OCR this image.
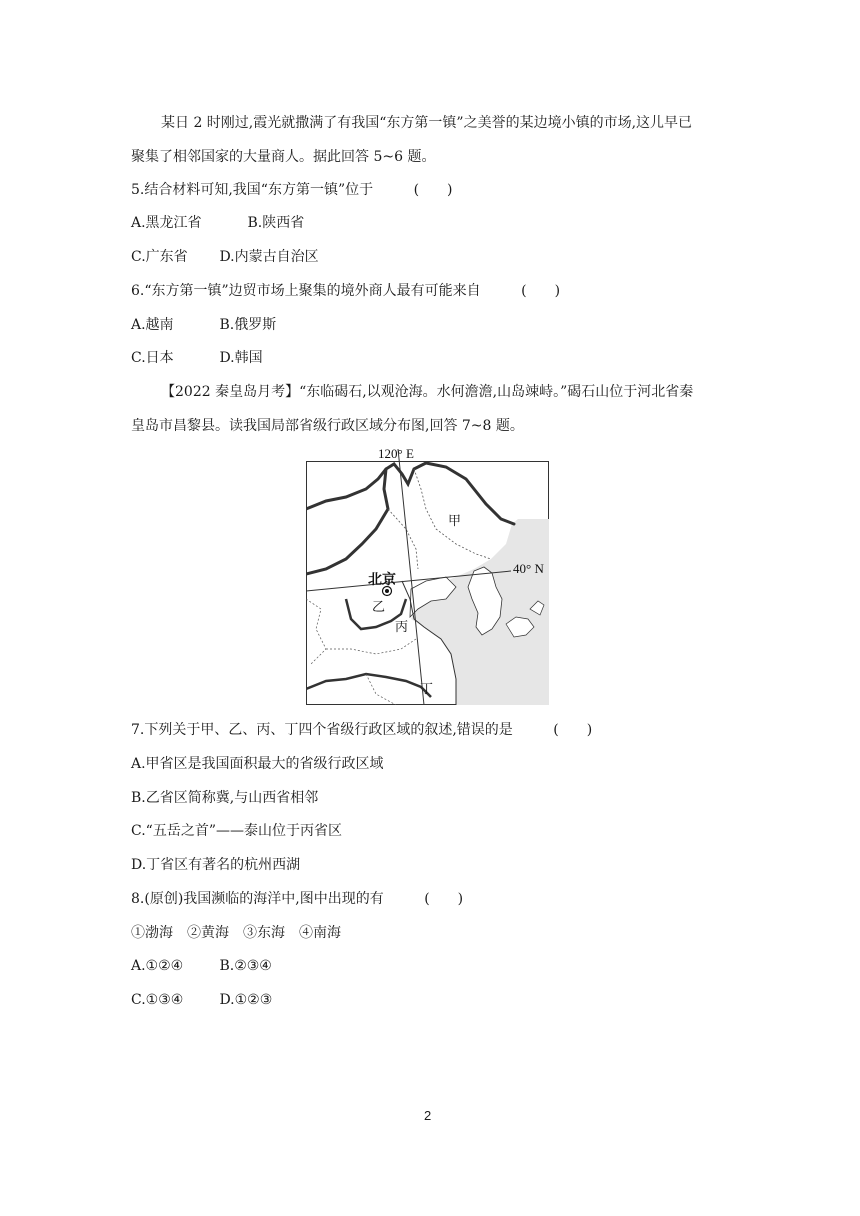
某日 2 时刚过,霞光就撒满了有我国“东方第一镇”之美誉的某边境小镇的市场,这儿早已
聚集了相邻国家的大量商人。据此回答 5~6 题。
5.结合材料可知,我国“东方第一镇”位于	(　　)
A.黑龙江省	B.陕西省
C.广东省 D.内蒙古自治区
6.“东方第一镇”边贸市场上聚集的境外商人最有可能来自	(　　)
A.越南	B.俄罗斯
C.日本	D.韩国
【2022 秦皇岛月考】“东临碣石,以观沧海。水何澹澹,山岛竦峙。”碣石山位于河北省秦
皇岛市昌黎县。读我国局部省级行政区域分布图,回答 7~8 题。
120° E
40° N
北京
甲
乙
丙
丁
7.下列关于甲、乙、丙、丁四个省级行政区域的叙述,错误的是	(　　)
A.甲省区是我国面积最大的省级行政区域
B.乙省区简称冀,与山西省相邻
C.“五岳之首”——泰山位于丙省区
D.丁省区有著名的杭州西湖
8.(原创)我国濒临的海洋中,图中出现的有	(　　)
①渤海　②黄海　③东海　④南海
A.①②④	B.②③④
C.①③④	D.①②③
2
